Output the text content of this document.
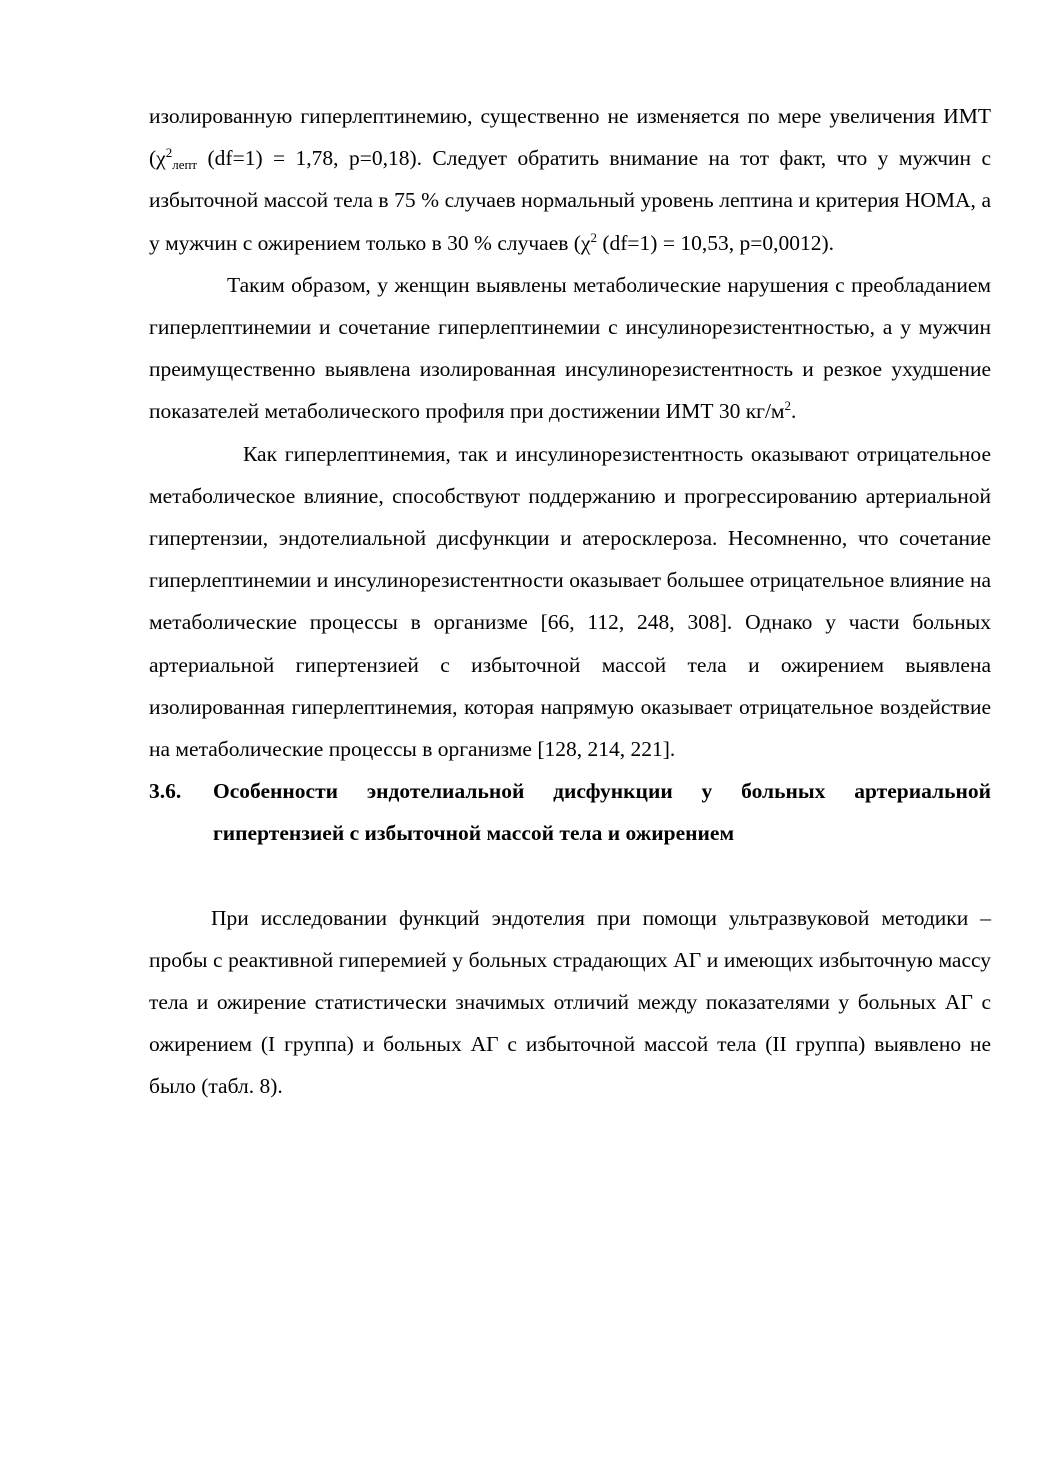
изолированную гиперлептинемию, существенно не изменяется по мере увеличения ИМТ ($\chi^2_{лепт}$ (df=1) = 1,78, p=0,18). Следует обратить внимание на тот факт, что у мужчин с избыточной массой тела в 75 % случаев нормальный уровень лептина и критерия НОМА, а у мужчин с ожирением только в 30 % случаев ($\chi^2$ (df=1) = 10,53, p=0,0012).

Таким образом, у женщин выявлены метаболические нарушения с преобладанием гиперлептинемии и сочетание гиперлептинемии с инсулинорезистентностью, а у мужчин преимущественно выявлена изолированная инсулинорезистентность и резкое ухудшение показателей метаболического профиля при достижении ИМТ 30 $кг/м^2$.

Как гиперлептинемия, так и инсулинорезистентность оказывают отрицательное метаболическое влияние, способствуют поддержанию и прогрессированию артериальной гипертензии, эндотелиальной дисфункции и атеросклероза. Несомненно, что сочетание гиперлептинемии и инсулинорезистентности оказывает большее отрицательное влияние на метаболические процессы в организме [66, 112, 248, 308]. Однако у части больных артериальной гипертензией с избыточной массой тела и ожирением выявлена изолированная гиперлептинемия, которая напрямую оказывает отрицательное воздействие на метаболические процессы в организме [128, 214, 221].

3.6.	Особенности эндотелиальной дисфункции у больных артериальной гипертензией с избыточной массой тела и ожирением

При исследовании функций эндотелия при помощи ультразвуковой методики – пробы с реактивной гиперемией у больных страдающих АГ и имеющих избыточную массу тела и ожирение статистически значимых отличий между показателями у больных АГ с ожирением (I группа) и больных АГ с избыточной массой тела (II группа) выявлено не было (табл. 8).
